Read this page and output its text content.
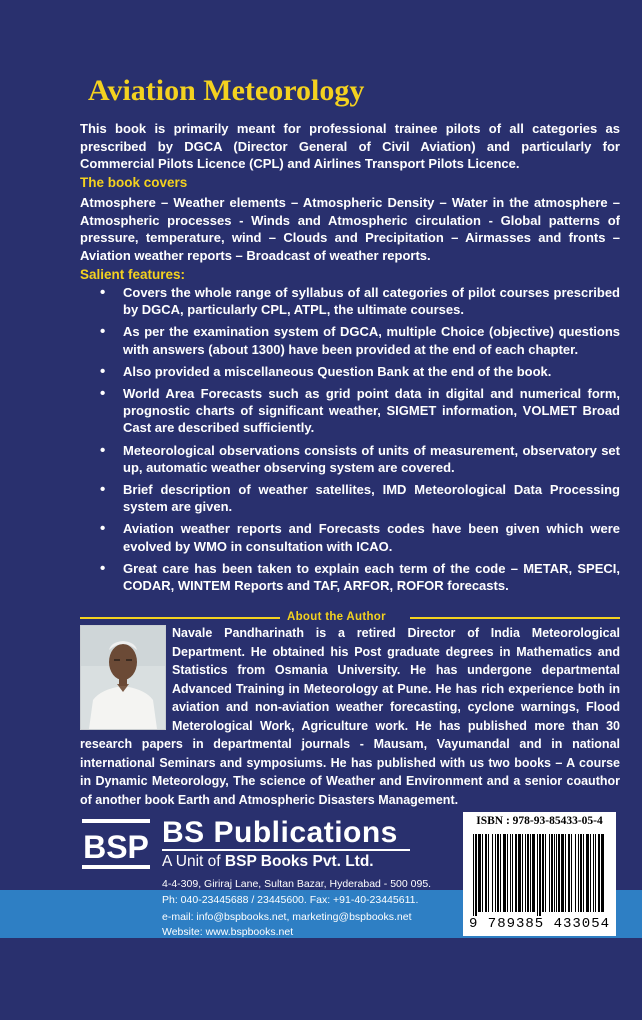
Aviation Meteorology

This book is primarily meant for professional trainee pilots of all categories as prescribed by DGCA (Director General of Civil Aviation) and particularly for Commercial Pilots Licence (CPL) and Airlines Transport Pilots Licence.

The book covers

Atmosphere – Weather elements – Atmospheric Density – Water in the atmosphere – Atmospheric processes - Winds and Atmospheric circulation - Global patterns of pressure, temperature, wind – Clouds and Precipitation – Airmasses and fronts – Aviation weather reports – Broadcast of weather reports.

Salient features:
• Covers the whole range of syllabus of all categories of pilot courses prescribed by DGCA, particularly CPL, ATPL, the ultimate courses.
• As per the examination system of DGCA, multiple Choice (objective) questions with answers (about 1300) have been provided at the end of each chapter.
• Also provided a miscellaneous Question Bank at the end of the book.
• World Area Forecasts such as grid point data in digital and numerical form, prognostic charts of significant weather, SIGMET information, VOLMET Broad Cast are described sufficiently.
• Meteorological observations consists of units of measurement, observatory set up, automatic weather observing system are covered.
• Brief description of weather satellites, IMD Meteorological Data Processing system are given.
• Aviation weather reports and Forecasts codes have been given which were evolved by WMO in consultation with ICAO.
• Great care has been taken to explain each term of the code – METAR, SPECI, CODAR, WINTEM Reports and TAF, ARFOR, ROFOR forecasts.
About the Author
Navale Pandharinath is a retired Director of India Meteorological Department. He obtained his Post graduate degrees in Mathematics and Statistics from Osmania University. He has undergone departmental Advanced Training in Meteorology at Pune. He has rich experience both in aviation and non-aviation weather forecasting, cyclone warnings, Flood Meterological Work, Agriculture work. He has published more than 30 research papers in departmental journals - Mausam, Vayumandal and in national international Seminars and symposiums. He has published with us two books – A course in Dynamic Meteorology, The science of Weather and Environment and a senior coauthor of another book Earth and Atmospheric Disasters Management.
BSP BS Publications

A Unit of BSP Books Pvt. Ltd.

4-4-309, Giriraj Lane, Sultan Bazar, Hyderabad - 500 095.

Ph: 040-23445688 / 23445600. Fax: +91-40-23445611.

e-mail: info@bspbooks.net, marketing@bspbooks.net

Website: www.bspbooks.net

ISBN : 978-93-85433-05-4

9 789385 433054
